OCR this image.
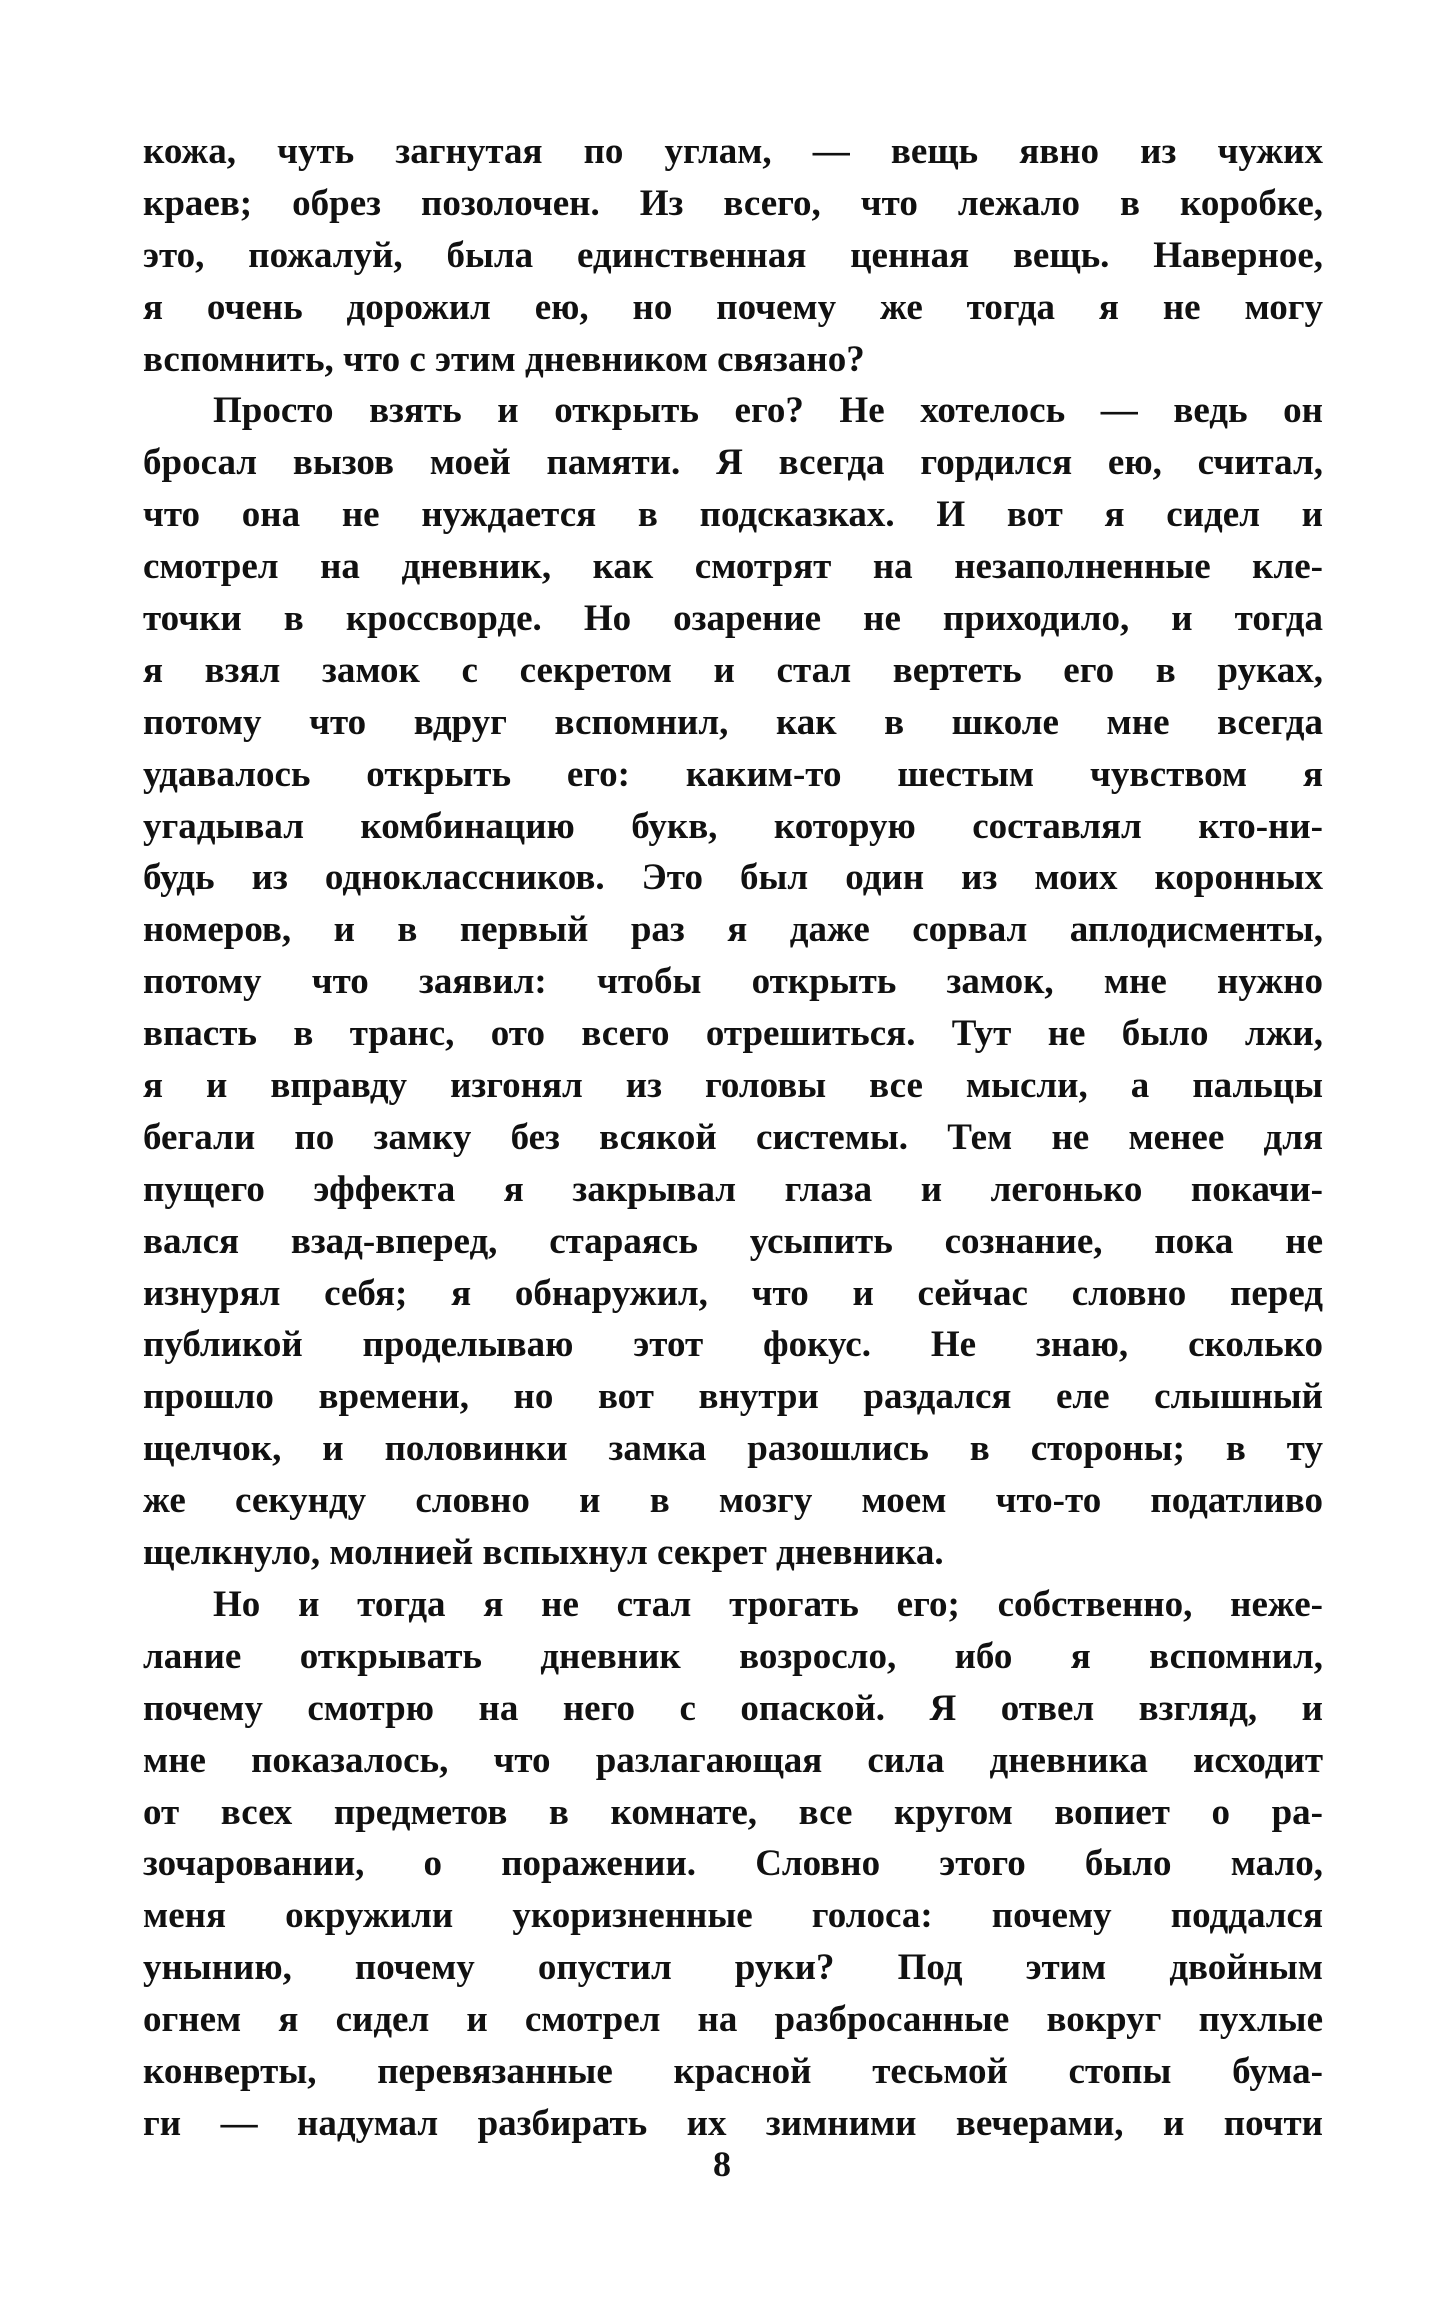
кожа, чуть загнутая по углам, — вещь явно из чужих
краев; обрез позолочен. Из всего, что лежало в коробке,
это, пожалуй, была единственная ценная вещь. Наверное,
я очень дорожил ею, но почему же тогда я не могу
вспомнить, что с этим дневником связано?
Просто взять и открыть его? Не хотелось — ведь он
бросал вызов моей памяти. Я всегда гордился ею, считал,
что она не нуждается в подсказках. И вот я сидел и
смотрел на дневник, как смотрят на незаполненные кле-
точки в кроссворде. Но озарение не приходило, и тогда
я взял замок с секретом и стал вертеть его в руках,
потому что вдруг вспомнил, как в школе мне всегда
удавалось открыть его: каким-то шестым чувством я
угадывал комбинацию букв, которую составлял кто-ни-
будь из одноклассников. Это был один из моих коронных
номеров, и в первый раз я даже сорвал аплодисменты,
потому что заявил: чтобы открыть замок, мне нужно
впасть в транс, ото всего отрешиться. Тут не было лжи,
я и вправду изгонял из головы все мысли, а пальцы
бегали по замку без всякой системы. Тем не менее для
пущего эффекта я закрывал глаза и легонько покачи-
вался взад-вперед, стараясь усыпить сознание, пока не
изнурял себя; я обнаружил, что и сейчас словно перед
публикой проделываю этот фокус. Не знаю, сколько
прошло времени, но вот внутри раздался еле слышный
щелчок, и половинки замка разошлись в стороны; в ту
же секунду словно и в мозгу моем что-то податливо
щелкнуло, молнией вспыхнул секрет дневника.
Но и тогда я не стал трогать его; собственно, неже-
лание открывать дневник возросло, ибо я вспомнил,
почему смотрю на него с опаской. Я отвел взгляд, и
мне показалось, что разлагающая сила дневника исходит
от всех предметов в комнате, все кругом вопиет о ра-
зочаровании, о поражении. Словно этого было мало,
меня окружили укоризненные голоса: почему поддался
унынию, почему опустил руки? Под этим двойным
огнем я сидел и смотрел на разбросанные вокруг пухлые
конверты, перевязанные красной тесьмой стопы бума-
ги — надумал разбирать их зимними вечерами, и почти
8
